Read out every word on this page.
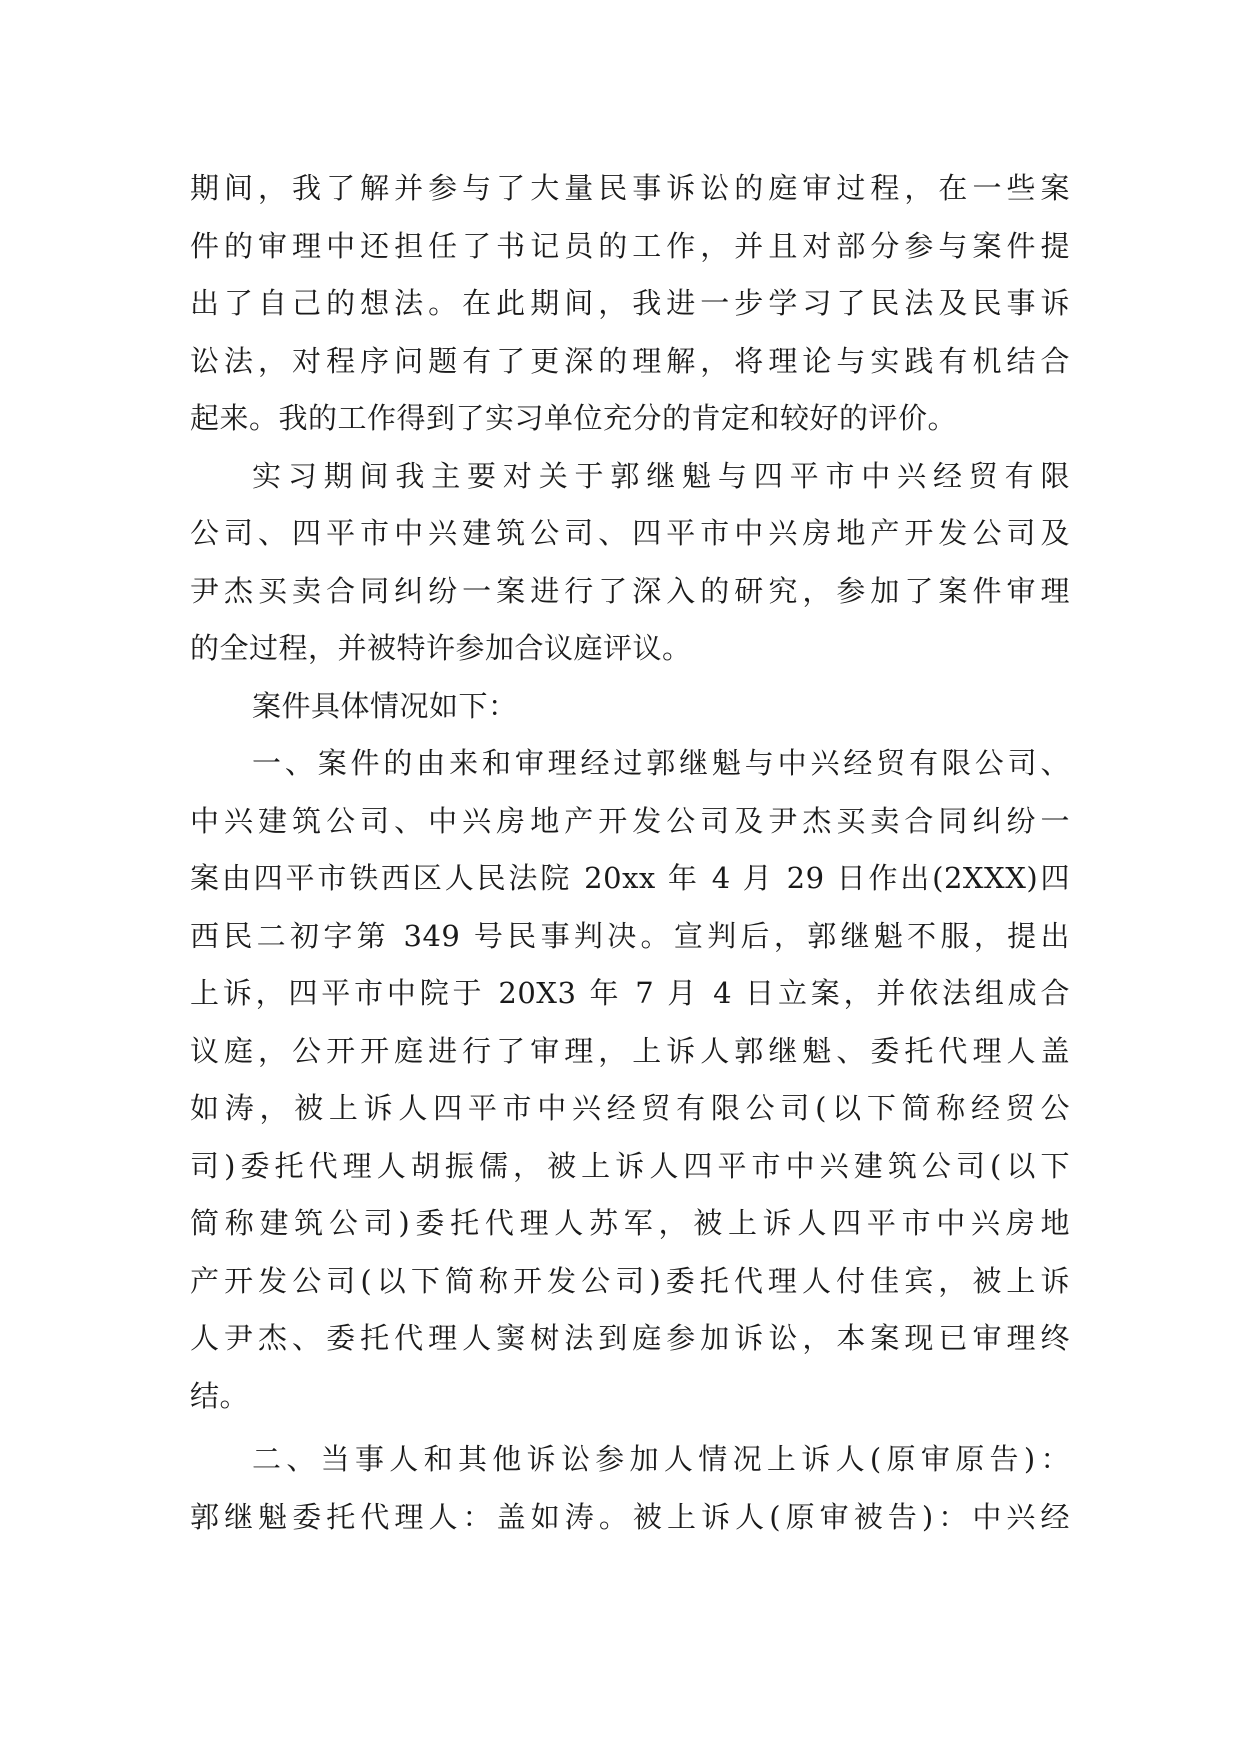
期间，我了解并参与了大量民事诉讼的庭审过程，在一些案
件的审理中还担任了书记员的工作，并且对部分参与案件提
出了自己的想法。在此期间，我进一步学习了民法及民事诉
讼法，对程序问题有了更深的理解，将理论与实践有机结合
起来。我的工作得到了实习单位充分的肯定和较好的评价。
实习期间我主要对关于郭继魁与四平市中兴经贸有限
公司、四平市中兴建筑公司、四平市中兴房地产开发公司及
尹杰买卖合同纠纷一案进行了深入的研究，参加了案件审理
的全过程，并被特许参加合议庭评议。
案件具体情况如下：
一、案件的由来和审理经过郭继魁与中兴经贸有限公司、
中兴建筑公司、中兴房地产开发公司及尹杰买卖合同纠纷一
案由四平市铁西区人民法院 20xx 年 4 月 29 日作出(2XXX)四
西民二初字第 349 号民事判决。宣判后，郭继魁不服，提出
上诉，四平市中院于 20X3 年 7 月 4 日立案，并依法组成合
议庭，公开开庭进行了审理，上诉人郭继魁、委托代理人盖
如涛，被上诉人四平市中兴经贸有限公司(以下简称经贸公
司)委托代理人胡振儒，被上诉人四平市中兴建筑公司(以下
简称建筑公司)委托代理人苏军，被上诉人四平市中兴房地
产开发公司(以下简称开发公司)委托代理人付佳宾，被上诉
人尹杰、委托代理人窦树法到庭参加诉讼，本案现已审理终
结。
二、当事人和其他诉讼参加人情况上诉人(原审原告)：
郭继魁委托代理人：盖如涛。被上诉人(原审被告)：中兴经
